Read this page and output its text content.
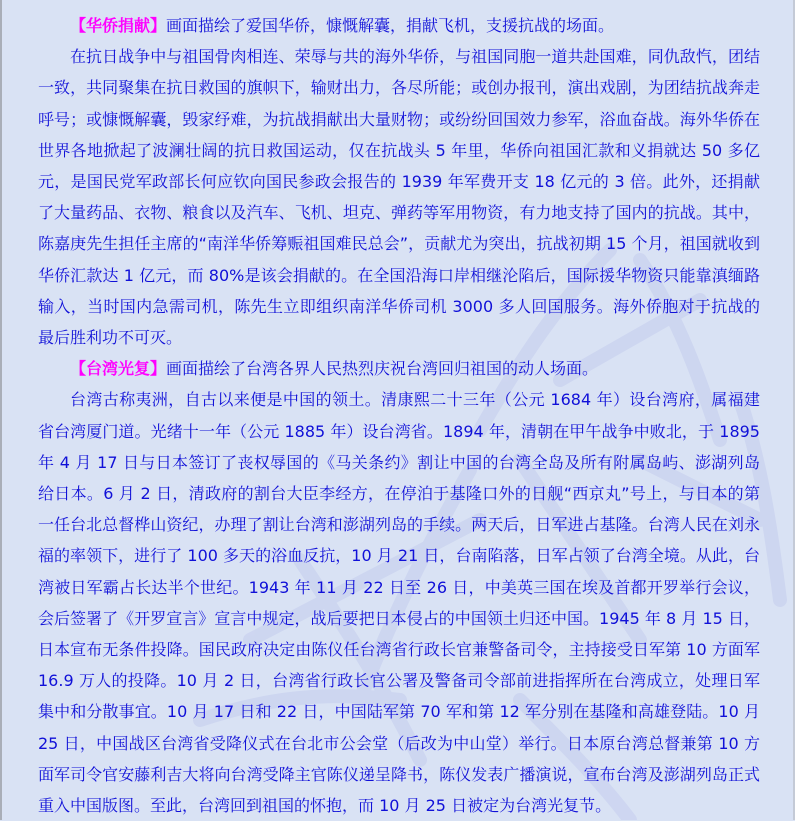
【华侨捐献】画面描绘了爱国华侨，慷慨解囊，捐献飞机，支援抗战的场面。

在抗日战争中与祖国骨肉相连、荣辱与共的海外华侨，与祖国同胞一道共赴国难，同仇敌忾，团结一致，共同聚集在抗日救国的旗帜下，输财出力，各尽所能；或创办报刊，演出戏剧，为团结抗战奔走呼号；或慷慨解囊，毁家纾难，为抗战捐献出大量财物；或纷纷回国效力参军，浴血奋战。海外华侨在世界各地掀起了波澜壮阔的抗日救国运动，仅在抗战头 5 年里，华侨向祖国汇款和义捐就达 50 多亿元，是国民党军政部长何应钦向国民参政会报告的 1939 年军费开支 18 亿元的 3 倍。此外，还捐献了大量药品、衣物、粮食以及汽车、飞机、坦克、弹药等军用物资，有力地支持了国内的抗战。其中，陈嘉庚先生担任主席的“南洋华侨筹赈祖国难民总会”，贡献尤为突出，抗战初期 15 个月，祖国就收到华侨汇款达 1 亿元，而 80%是该会捐献的。在全国沿海口岸相继沦陷后，国际援华物资只能靠滇缅路输入，当时国内急需司机，陈先生立即组织南洋华侨司机 3000 多人回国服务。海外侨胞对于抗战的最后胜利功不可灭。

【台湾光复】画面描绘了台湾各界人民热烈庆祝台湾回归祖国的动人场面。

台湾古称夷洲，自古以来便是中国的领土。清康熙二十三年（公元 1684 年）设台湾府，属福建省台湾厦门道。光绪十一年（公元 1885 年）设台湾省。1894 年，清朝在甲午战争中败北，于 1895 年 4 月 17 日与日本签订了丧权辱国的《马关条约》割让中国的台湾全岛及所有附属岛屿、澎湖列岛给日本。6 月 2 日，清政府的割台大臣李经方，在停泊于基隆口外的日舰“西京丸”号上，与日本的第一任台北总督桦山资纪，办理了割让台湾和澎湖列岛的手续。两天后，日军进占基隆。台湾人民在刘永福的率领下，进行了 100 多天的浴血反抗，10 月 21 日，台南陷落，日军占领了台湾全境。从此，台湾被日军霸占长达半个世纪。1943 年 11 月 22 日至 26 日，中美英三国在埃及首都开罗举行会议，会后签署了《开罗宣言》宣言中规定，战后要把日本侵占的中国领土归还中国。1945 年 8 月 15 日，日本宣布无条件投降。国民政府决定由陈仪任台湾省行政长官兼警备司令，主持接受日军第 10 方面军 16.9 万人的投降。10 月 2 日，台湾省行政长官公署及警备司令部前进指挥所在台湾成立，处理日军集中和分散事宜。10 月 17 日和 22 日，中国陆军第 70 军和第 12 军分别在基隆和高雄登陆。10 月 25 日，中国战区台湾省受降仪式在台北市公会堂（后改为中山堂）举行。日本原台湾总督兼第 10 方面军司令官安藤利吉大将向台湾受降主官陈仪递呈降书，陈仪发表广播演说，宣布台湾及澎湖列岛正式重入中国版图。至此，台湾回到祖国的怀抱，而 10 月 25 日被定为台湾光复节。
